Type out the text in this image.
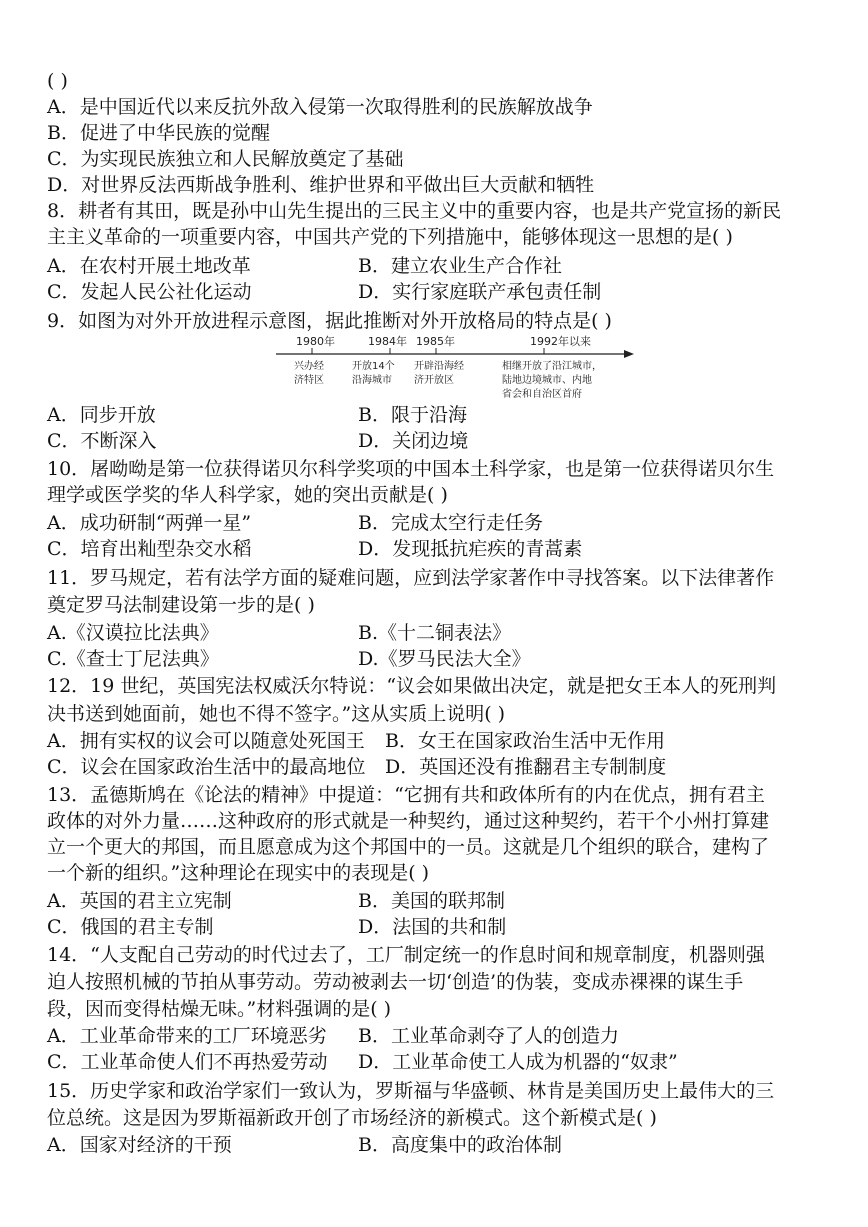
( )
A．是中国近代以来反抗外敌入侵第一次取得胜利的民族解放战争
B．促进了中华民族的觉醒
C．为实现民族独立和人民解放奠定了基础
D．对世界反法西斯战争胜利、维护世界和平做出巨大贡献和牺牲
8．耕者有其田，既是孙中山先生提出的三民主义中的重要内容，也是共产党宣扬的新民
主主义革命的一项重要内容，中国共产党的下列措施中，能够体现这一思想的是( )
A．在农村开展土地改革	B．建立农业生产合作社
C．发起人民公社化运动	D．实行家庭联产承包责任制
9．如图为对外开放进程示意图，据此推断对外开放格局的特点是( )
1980年	1984年 1985年	1992年以来
兴办经
济特区
开放14个
沿海城市
开辟沿海经
济开放区
相继开放了沿江城市，
陆地边境城市、内地
省会和自治区首府
A．同步开放	B．限于沿海
C．不断深入	D．关闭边境
10．屠呦呦是第一位获得诺贝尔科学奖项的中国本土科学家，也是第一位获得诺贝尔生
理学或医学奖的华人科学家，她的突出贡献是( )
A．成功研制“两弹一星”	B．完成太空行走任务
C．培育出籼型杂交水稻	D．发现抵抗疟疾的青蒿素
11．罗马规定，若有法学方面的疑难问题，应到法学家著作中寻找答案。以下法律著作
奠定罗马法制建设第一步的是( )
A.《汉谟拉比法典》	B.《十二铜表法》
C.《查士丁尼法典》	D.《罗马民法大全》
12．19 世纪，英国宪法权威沃尔特说：“议会如果做出决定，就是把女王本人的死刑判
决书送到她面前，她也不得不签字。”这从实质上说明( )
A．拥有实权的议会可以随意处死国王 B．女王在国家政治生活中无作用
C．议会在国家政治生活中的最高地位 D．英国还没有推翻君主专制制度
13．孟德斯鸠在《论法的精神》中提道：“它拥有共和政体所有的内在优点，拥有君主
政体的对外力量……这种政府的形式就是一种契约，通过这种契约，若干个小州打算建
立一个更大的邦国，而且愿意成为这个邦国中的一员。这就是几个组织的联合，建构了
一个新的组织。”这种理论在现实中的表现是( )
A．英国的君主立宪制	B．美国的联邦制
C．俄国的君主专制	D．法国的共和制
14．“人支配自己劳动的时代过去了，工厂制定统一的作息时间和规章制度，机器则强
迫人按照机械的节拍从事劳动。劳动被剥去一切‘创造’的伪装，变成赤裸裸的谋生手
段，因而变得枯燥无味。”材料强调的是( )
A．工业革命带来的工厂环境恶劣 B．工业革命剥夺了人的创造力
C．工业革命使人们不再热爱劳动 D．工业革命使工人成为机器的“奴隶”
15．历史学家和政治学家们一致认为，罗斯福与华盛顿、林肯是美国历史上最伟大的三
位总统。这是因为罗斯福新政开创了市场经济的新模式。这个新模式是( )
A．国家对经济的干预	B．高度集中的政治体制
